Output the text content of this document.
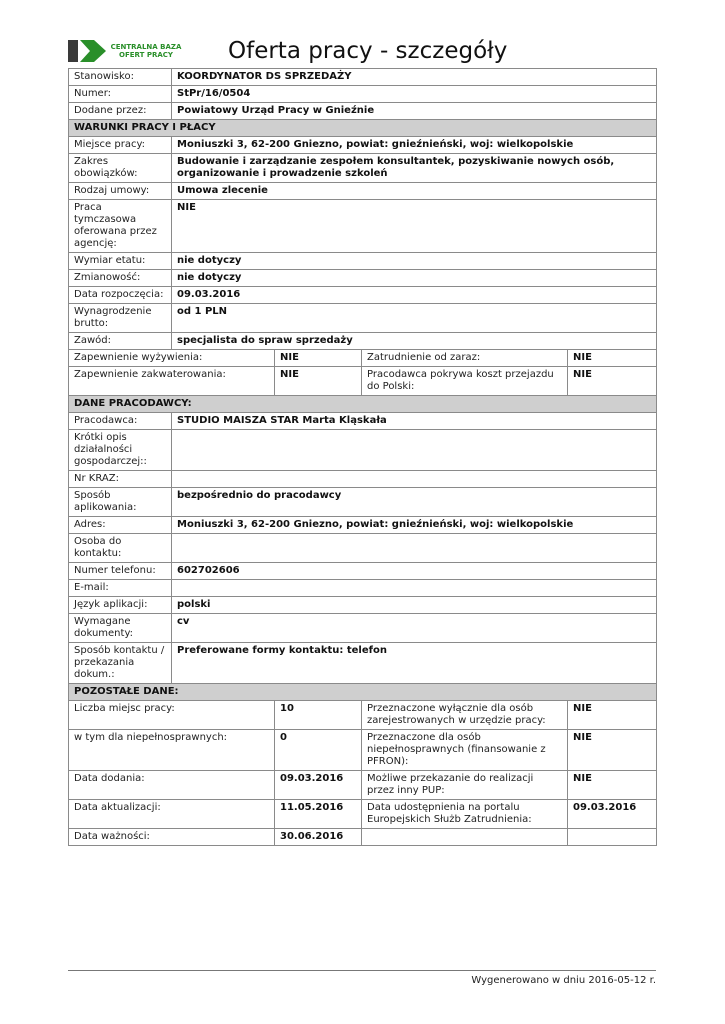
CENTRALNA BAZA
OFERT PRACY	Oferta pracy - szczegóły
Stanowisko:	KOORDYNATOR DS SPRZEDAŻY			
Numer:	StPr/16/0504			
Dodane przez:	Powiatowy Urząd Pracy w Gnieźnie			
WARUNKI PRACY I PŁACY				
Miejsce pracy:	Moniuszki 3, 62-200 Gniezno, powiat: gnieźnieński, woj: wielkopolskie			
Zakres obowiązków:	Budowanie i zarządzanie zespołem konsultantek, pozyskiwanie nowych osób, organizowanie i prowadzenie szkoleń			
Rodzaj umowy:	Umowa zlecenie			
Praca tymczasowa oferowana przez agencję:	NIE			
Wymiar etatu:	nie dotyczy			
Zmianowość:	nie dotyczy			
Data rozpoczęcia:	09.03.2016			
Wynagrodzenie brutto:	od 1 PLN			
Zawód:	specjalista do spraw sprzedaży			
Zapewnienie wyżywienia:		NIE	Zatrudnienie od zaraz:	NIE
Zapewnienie zakwaterowania:		NIE	Pracodawca pokrywa koszt przejazdu do Polski:	NIE
DANE PRACODAWCY:				
Pracodawca:	STUDIO MAISZA STAR Marta Kląskała			
Krótki opis działalności gospodarczej::				
Nr KRAZ:				
Sposób aplikowania:	bezpośrednio do pracodawcy			
Adres:	Moniuszki 3, 62-200 Gniezno, powiat: gnieźnieński, woj: wielkopolskie			
Osoba do kontaktu:				
Numer telefonu:	602702606			
E-mail:				
Język aplikacji:	polski			
Wymagane dokumenty:	cv			
Sposób kontaktu / przekazania dokum.:	Preferowane formy kontaktu: telefon			
POZOSTAŁE DANE:				
Liczba miejsc pracy:		10	Przeznaczone wyłącznie dla osób zarejestrowanych w urzędzie pracy:	NIE
w tym dla niepełnosprawnych:		0	Przeznaczone dla osób niepełnosprawnych (finansowanie z PFRON):	NIE
Data dodania:		09.03.2016	Możliwe przekazanie do realizacji przez inny PUP:	NIE
Data aktualizacji:		11.05.2016	Data udostępnienia na portalu Europejskich Służb Zatrudnienia:	09.03.2016
Data ważności:		30.06.2016		
Wygenerowano w dniu 2016-05-12 r.
